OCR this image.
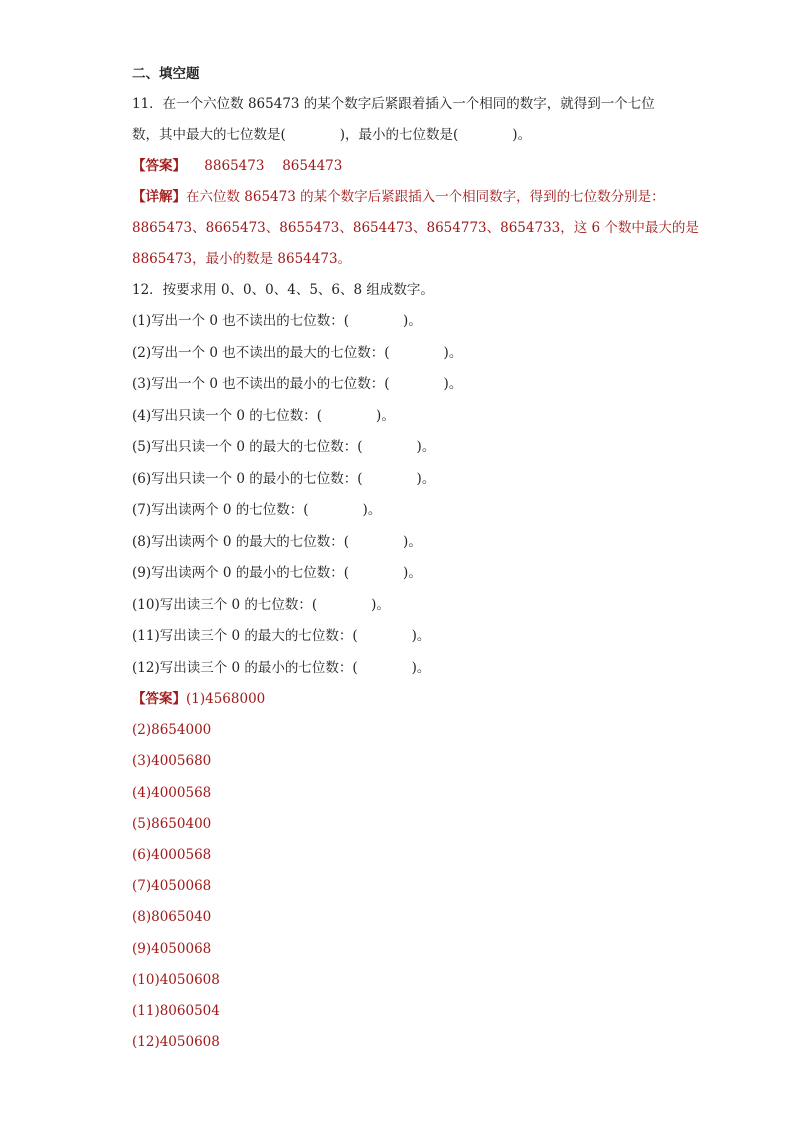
二、填空题
11．在一个六位数 865473 的某个数字后紧跟着插入一个相同的数字，就得到一个七位
数，其中最大的七位数是(　　　　)，最小的七位数是(　　　　)。
【答案】 8865473　 8654473
【详解】在六位数 865473 的某个数字后紧跟插入一个相同数字，得到的七位数分别是：
8865473、8665473、8655473、8654473、8654773、8654733，这 6 个数中最大的是
8865473，最小的数是 8654473。
12．按要求用 0、0、0、4、5、6、8 组成数字。
(1)写出一个 0 也不读出的七位数：(　　　　)。
(2)写出一个 0 也不读出的最大的七位数：(　　　　)。
(3)写出一个 0 也不读出的最小的七位数：(　　　　)。
(4)写出只读一个 0 的七位数：(　　　　)。
(5)写出只读一个 0 的最大的七位数：(　　　　)。
(6)写出只读一个 0 的最小的七位数：(　　　　)。
(7)写出读两个 0 的七位数：(　　　　)。
(8)写出读两个 0 的最大的七位数：(　　　　)。
(9)写出读两个 0 的最小的七位数：(　　　　)。
(10)写出读三个 0 的七位数：(　　　　)。
(11)写出读三个 0 的最大的七位数：(　　　　)。
(12)写出读三个 0 的最小的七位数：(　　　　)。
【答案】(1)4568000
(2)8654000
(3)4005680
(4)4000568
(5)8650400
(6)4000568
(7)4050068
(8)8065040
(9)4050068
(10)4050608
(11)8060504
(12)4050608
